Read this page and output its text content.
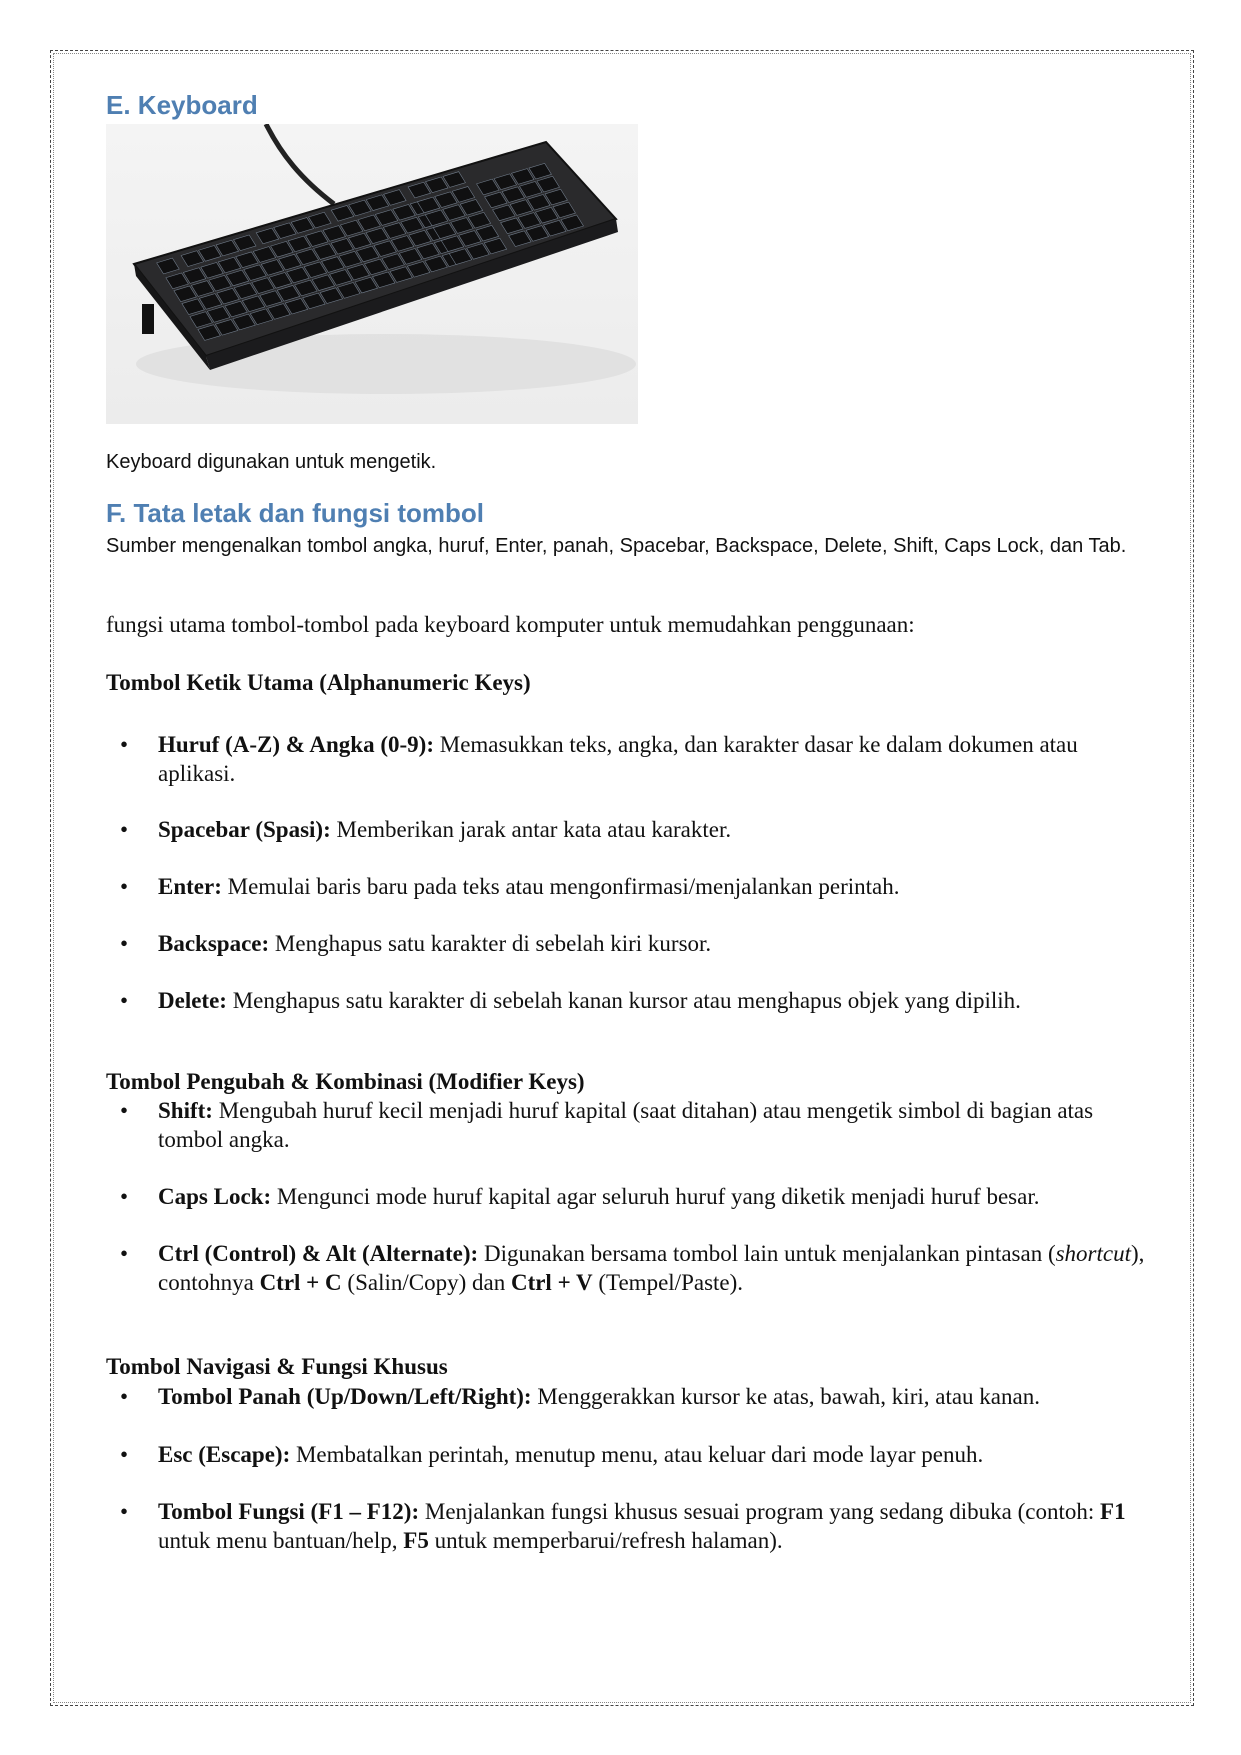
E. Keyboard
Keyboard digunakan untuk mengetik.
F. Tata letak dan fungsi tombol
Sumber mengenalkan tombol angka, huruf, Enter, panah, Spacebar, Backspace, Delete, Shift, Caps Lock, dan Tab.
fungsi utama tombol-tombol pada keyboard komputer untuk memudahkan penggunaan:
Tombol Ketik Utama (Alphanumeric Keys)
• Huruf (A-Z) & Angka (0-9): Memasukkan teks, angka, dan karakter dasar ke dalam dokumen atau aplikasi.
• Spacebar (Spasi): Memberikan jarak antar kata atau karakter.
• Enter: Memulai baris baru pada teks atau mengonfirmasi/menjalankan perintah.
• Backspace: Menghapus satu karakter di sebelah kiri kursor.
• Delete: Menghapus satu karakter di sebelah kanan kursor atau menghapus objek yang dipilih.
Tombol Pengubah & Kombinasi (Modifier Keys)
• Shift: Mengubah huruf kecil menjadi huruf kapital (saat ditahan) atau mengetik simbol di bagian atas tombol angka.
• Caps Lock: Mengunci mode huruf kapital agar seluruh huruf yang diketik menjadi huruf besar.
• Ctrl (Control) & Alt (Alternate): Digunakan bersama tombol lain untuk menjalankan pintasan (shortcut), contohnya Ctrl + C (Salin/Copy) dan Ctrl + V (Tempel/Paste).
Tombol Navigasi & Fungsi Khusus
• Tombol Panah (Up/Down/Left/Right): Menggerakkan kursor ke atas, bawah, kiri, atau kanan.
• Esc (Escape): Membatalkan perintah, menutup menu, atau keluar dari mode layar penuh.
• Tombol Fungsi (F1 – F12): Menjalankan fungsi khusus sesuai program yang sedang dibuka (contoh: F1 untuk menu bantuan/help, F5 untuk memperbarui/refresh halaman).
